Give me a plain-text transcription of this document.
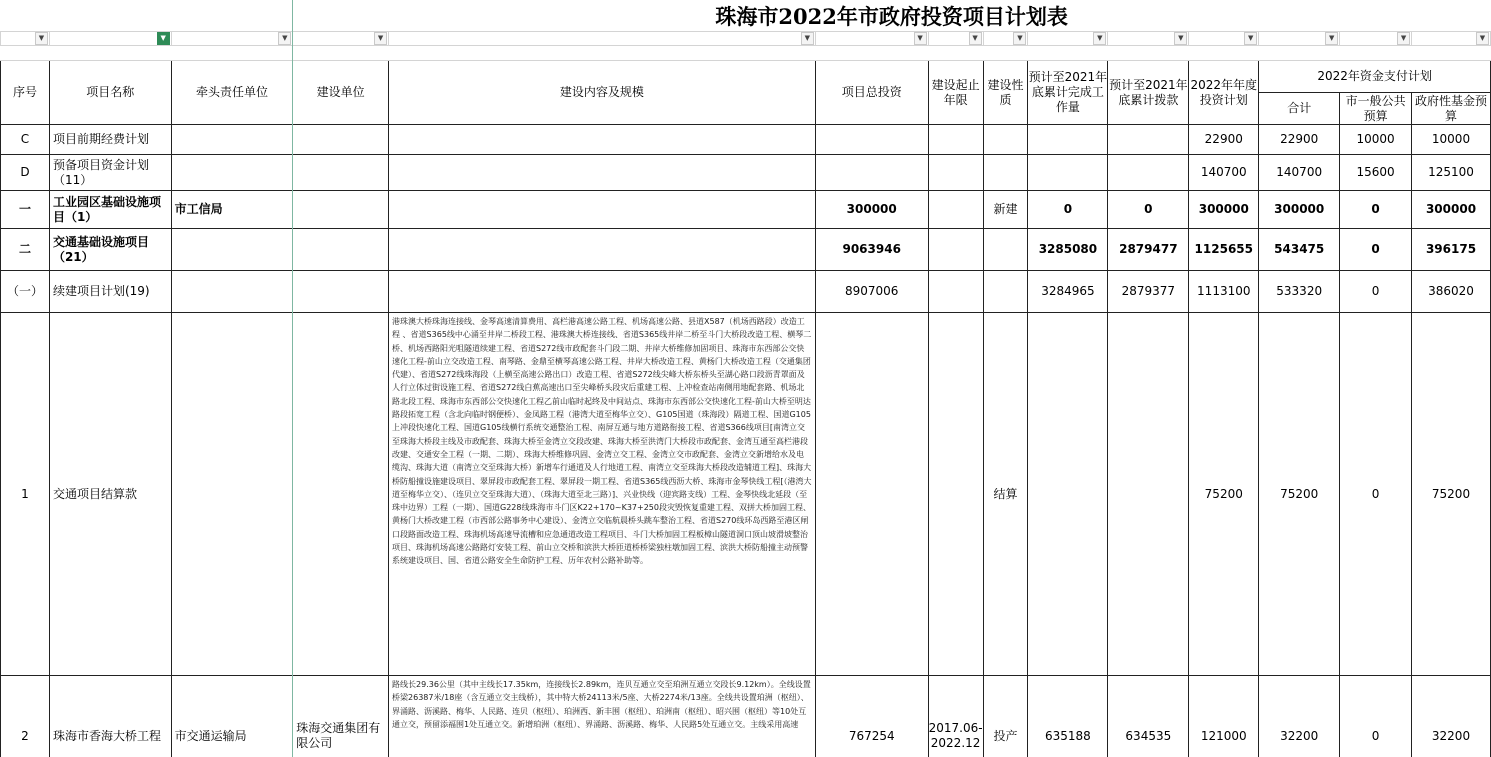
			珠海市2022年市政府投资项目计划表										

▼	▼	▼	▼	▼	▼	▼	▼	▼	▼	▼	▼	▼	▼

序号	项目名称	牵头责任单位	建设单位	建设内容及规模	项目总投资	建设起止年限	建设性质	预计至2021年底累计完成工作量	预计至2021年底累计拨款	2022年年度投资计划	2022年资金支付计划		
											合计	市一般公共预算	政府性基金预算
C	项目前期经费计划									22900	22900	10000	10000
D	预备项目资金计划（11）									140700	140700	15600	125100
一	工业园区基础设施项目（1）	市工信局			300000		新建	0	0	300000	300000	0	300000
二	交通基础设施项目（21）				9063946			3285080	2879477	1125655	543475	0	396175
（一）	续建项目计划(19)				8907006			3284965	2879377	1113100	533320	0	386020
1	交通项目结算款			港珠澳大桥珠海连接线、金琴高速清算费用、高栏港高速公路工程、机场高速公路、县道X587（机场西路段）改造工程 、省道S365线中心涌至井岸二桥段工程、港珠澳大桥连接线、省道S365线井岸二桥至斗门大桥段改造工程、横琴二桥、机场西路阳光咀隧道续建工程、省道S272线市政配套斗门段二期、井岸大桥维修加固项目、珠海市东西部公交快速化工程-前山立交改造工程、南琴路、金鼎至横琴高速公路工程、井岸大桥改造工程、黄杨门大桥改造工程（交通集团代建）、省道S272线珠海段（上横至高速公路出口）改造工程、省道S272线尖峰大桥东桥头至湖心路口段沥青罩面及人行立体过街设施工程、省道S272线白蕉高速出口至尖峰桥头段灾后重建工程、上冲检查站南侧用地配套路、机场北路北段工程、珠海市东西部公交快速化工程乙前山临时起终及中间站点、珠海市东西部公交快速化工程-前山大桥至明达路段拓宽工程（含北向临时钢便桥）、金凤路工程（港湾大道至梅华立交）、G105国道（珠海段）隔道工程、国道G105上冲段快速化工程、国道G105线横行系统交通整治工程、南屏互通与地方道路衔接工程、省道S366线项目[南湾立交至珠海大桥段主线及市政配套、珠海大桥至金湾立交段改建、珠海大桥至洪湾门大桥段市政配套、金湾互通至高栏港段改建、交通安全工程（一期、二期）、珠海大桥维修巩固、金湾立交工程、金湾立交市政配套、金湾立交新增给水及电缆沟、珠海大道（南湾立交至珠海大桥）新增车行通道及人行地道工程、南湾立交至珠海大桥段改造辅道工程]、珠海大桥防船撞设施建设项目、翠屏段市政配套工程、翠屏段一期工程、省道S365线西沥大桥、珠海市金琴快线工程[（港湾大道至梅华立交）、（连贝立交至珠海大道）、（珠海大道至北三路）]、兴业快线（迎宾路支线）工程、金琴快线北延段（至珠中边界）工程（一期）、国道G228线珠海市斗门区K22+170~K37+250段灾毁恢复重建工程、双拼大桥加固工程、黄杨门大桥改建工程（市西部公路事务中心建设）、金湾立交临航晨桥头跳车整治工程、省道S270线环岛西路至港区闸口段路面改造工程、珠海机场高速导流槽和应急通道改造工程项目、斗门大桥加固工程板樟山隧道洞口顶山坡滑坡整治项目、珠海机场高速公路路灯安装工程、前山立交桥和滨洪大桥匝道桥桥梁独柱墩加固工程、滨洪大桥防船撞主动预警系统建设项目、国、省道公路安全生命防护工程、历年农村公路补助等。			结算			75200	75200	0	75200
2	珠海市香海大桥工程	市交通运输局	珠海交通集团有限公司	路线长29.36公里（其中主线长17.35km，连接线长2.89km，连贝互通立交至珀洲互通立交段长9.12km）。全线设置桥梁26387米/18座（含互通立交主线桥），其中特大桥24113米/5座、大桥2274米/13座。全线共设置珀洲（枢纽）、界涌路、沥溪路、梅华、人民路、连贝（枢纽）、珀洲西、新丰围（枢纽）、珀洲南（枢纽）、昭兴围（枢纽）等10处互通立交，预留添福围1处互通立交。新增珀洲（枢纽）、界涌路、沥溪路、梅华、人民路5处互通立交。主线采用高速	767254	2017.06-2022.12	投产	635188	634535	121000	32200	0	32200
